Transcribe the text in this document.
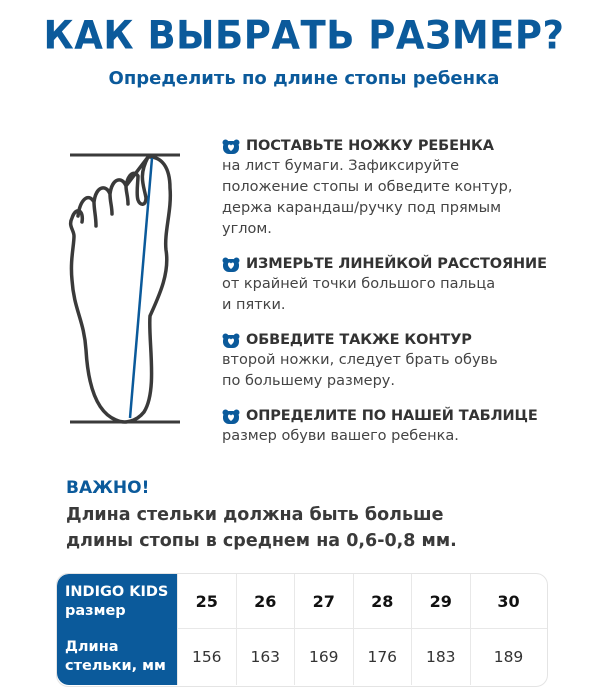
КАК ВЫБРАТЬ РАЗМЕР?
Определить по длине стопы ребенка
ПОСТАВЬТЕ НОЖКУ РЕБЕНКА
на лист бумаги. Зафиксируйте
положение стопы и обведите контур,
держа карандаш/ручку под прямым
углом.
ИЗМЕРЬТЕ ЛИНЕЙКОЙ РАССТОЯНИЕ
от крайней точки большого пальца
и пятки.
ОБВЕДИТЕ ТАКЖЕ КОНТУР
второй ножки, следует брать обувь
по большему размеру.
ОПРЕДЕЛИТЕ ПО НАШЕЙ ТАБЛИЦЕ
размер обуви вашего ребенка.
ВАЖНО!
Длина стельки должна быть больше
длины стопы в среднем на 0,6-0,8 мм.
INDIGO KIDS
размер	25	26	27	28	29	30
Длина
стельки, мм	156	163	169	176	183	189
